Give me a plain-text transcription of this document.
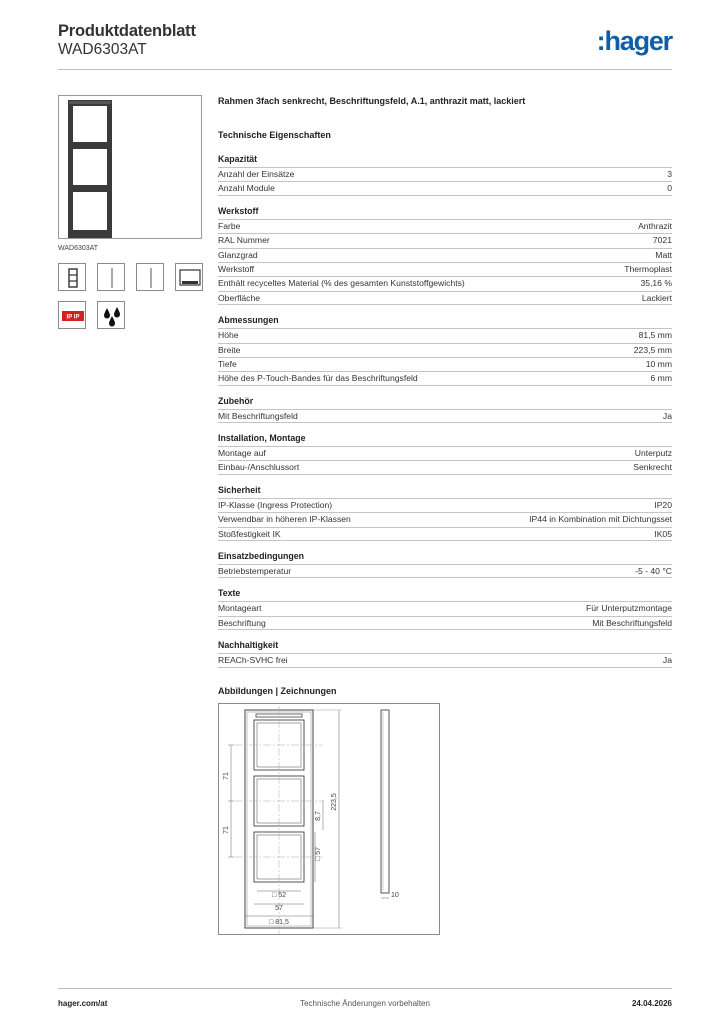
Produktdatenblatt
WAD6303AT	:hager
WAD6303AT
IP IP
Rahmen 3fach senkrecht, Beschriftungsfeld, A.1, anthrazit matt, lackiert
Technische Eigenschaften
Kapazität
Anzahl der Einsätze	3
Anzahl Module	0
Werkstoff
Farbe	Anthrazit
RAL Nummer	7021
Glanzgrad	Matt
Werkstoff	Thermoplast
Enthält recyceltes Material (% des gesamten Kunststoffgewichts)	35,16 %
Oberfläche	Lackiert
Abmessungen
Höhe	81,5 mm
Breite	223,5 mm
Tiefe	10 mm
Höhe des P-Touch-Bandes für das Beschriftungsfeld	6 mm
Zubehör
Mit Beschriftungsfeld	Ja
Installation, Montage
Montage auf	Unterputz
Einbau-/Anschlussort	Senkrecht
Sicherheit
IP-Klasse (Ingress Protection)	IP20
Verwendbar in höheren IP-Klassen	IP44 in Kombination mit Dichtungsset
Stoßfestigkeit IK	IK05
Einsatzbedingungen
Betriebstemperatur	-5 - 40 °C
Texte
Montageart	Für Unterputzmontage
Beschriftung	Mit Beschriftungsfeld
Nachhaltigkeit
REACh-SVHC frei	Ja
Abbildungen | Zeichnungen
71
71
223,5
8,7
□ 57
□ 52
57
□ 81,5
10
hager.com/at	Technische Änderungen vorbehalten	24.04.2026
